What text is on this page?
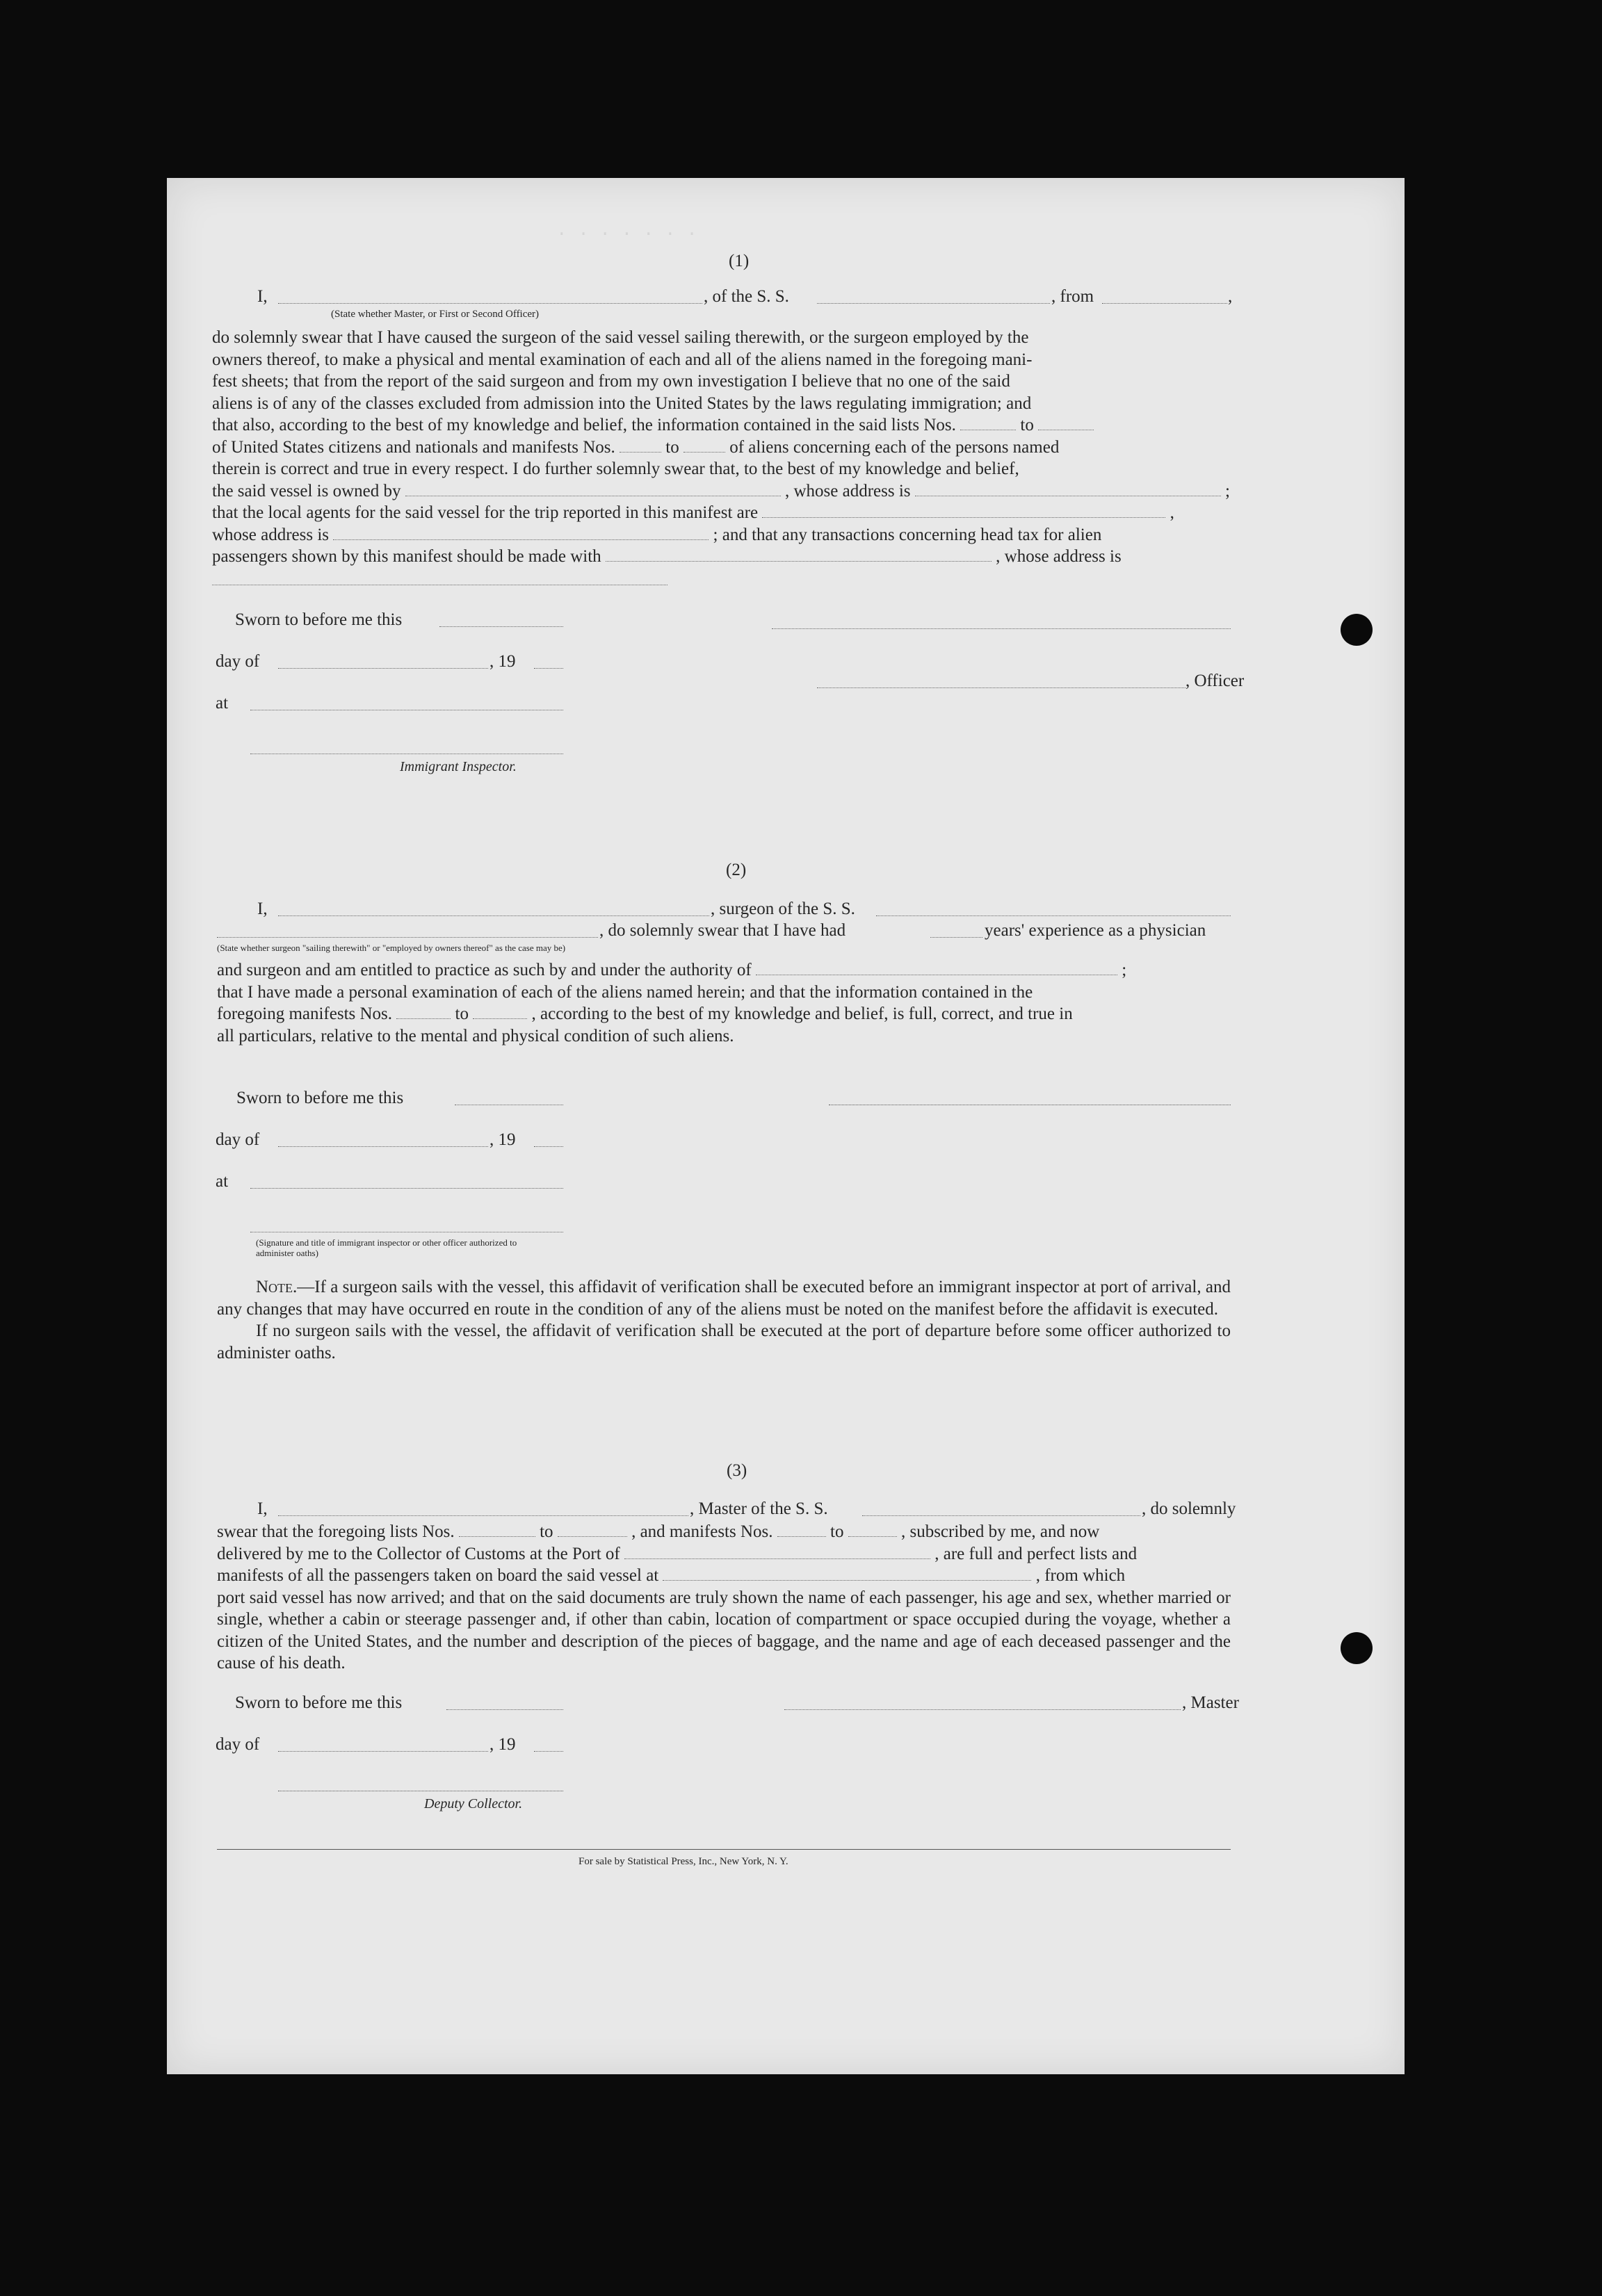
. . . . . . .
(1)
I,	, of the S. S.	, from	,
(State whether Master, or First or Second Officer)
do solemnly swear that I have caused the surgeon of the said vessel sailing therewith, or the surgeon employed by the
owners thereof, to make a physical and mental examination of each and all of the aliens named in the foregoing mani-
fest sheets; that from the report of the said surgeon and from my own investigation I believe that no one of the said
aliens is of any of the classes excluded from admission into the United States by the laws regulating immigration; and
that also, according to the best of my knowledge and belief, the information contained in the said lists Nos.	to
of United States citizens and nationals and manifests Nos.	to	of aliens concerning each of the persons named
therein is correct and true in every respect. I do further solemnly swear that, to the best of my knowledge and belief,
the said vessel is owned by	, whose address is	;
that the local agents for the said vessel for the trip reported in this manifest are	,
whose address is	; and that any transactions concerning head tax for alien
passengers shown by this manifest should be made with	, whose address is
Sworn to before me this
day of	, 19
, Officer
at
Immigrant Inspector.
(2)
I,	, surgeon of the S. S.
, do solemnly swear that I have had	years' experience as a physician
(State whether surgeon "sailing therewith" or "employed by owners thereof" as the case may be)
and surgeon and am entitled to practice as such by and under the authority of	;
that I have made a personal examination of each of the aliens named herein; and that the information contained in the
foregoing manifests Nos.	to	, according to the best of my knowledge and belief, is full, correct, and true in
all particulars, relative to the mental and physical condition of such aliens.
Sworn to before me this
day of	, 19
at
(Signature and title of immigrant inspector or other officer authorized to administer oaths)
Note.—If a surgeon sails with the vessel, this affidavit of verification shall be executed before an immigrant inspector at port of arrival, and any changes that may have occurred en route in the condition of any of the aliens must be noted on the manifest before the affidavit is executed.
If no surgeon sails with the vessel, the affidavit of verification shall be executed at the port of departure before some officer authorized to administer oaths.
(3)
I,	, Master of the S. S.	, do solemnly
swear that the foregoing lists Nos.	to	, and manifests Nos.	to	, subscribed by me, and now
delivered by me to the Collector of Customs at the Port of	, are full and perfect lists and
manifests of all the passengers taken on board the said vessel at	, from which
port said vessel has now arrived; and that on the said documents are truly shown the name of each passenger, his age and sex, whether married or single, whether a cabin or steerage passenger and, if other than cabin, location of compartment or space occupied during the voyage, whether a citizen of the United States, and the number and description of the pieces of baggage, and the name and age of each deceased passenger and the cause of his death.
Sworn to before me this	, Master
day of	, 19
Deputy Collector.
For sale by Statistical Press, Inc., New York, N. Y.
